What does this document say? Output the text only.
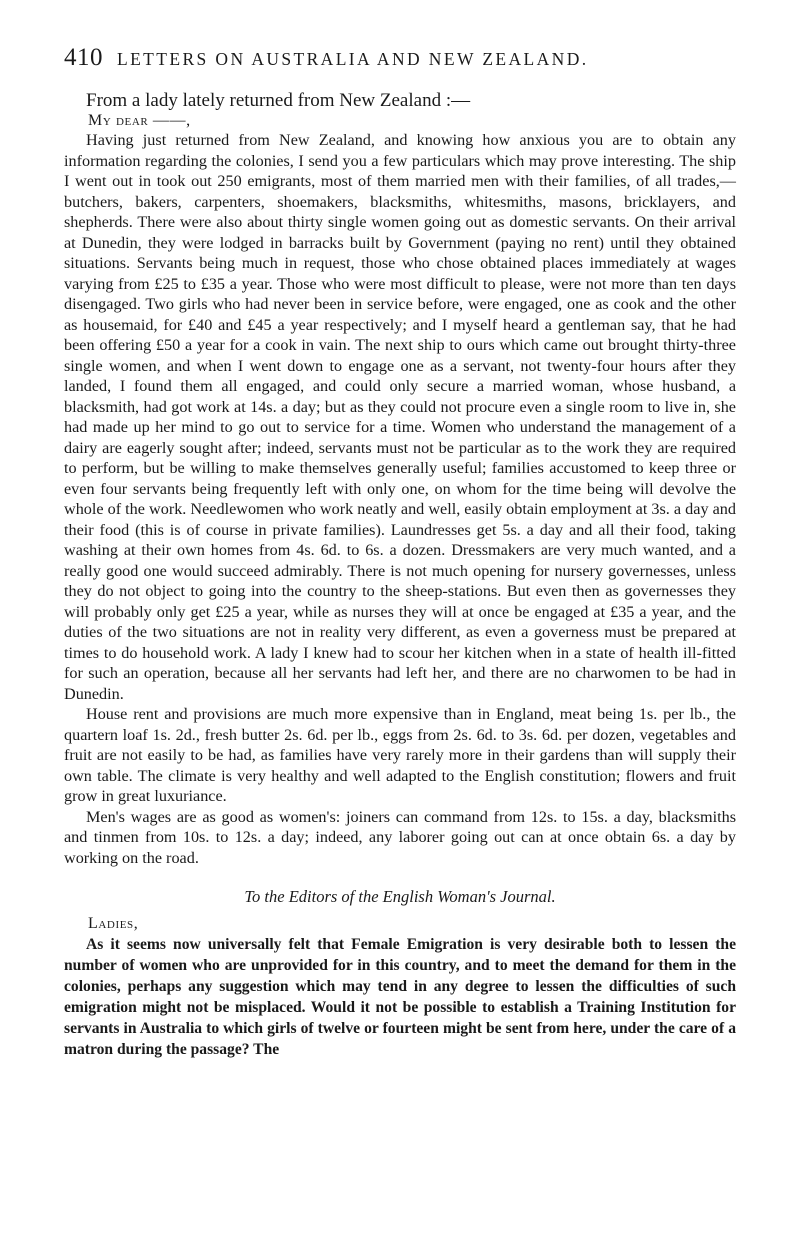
410 LETTERS ON AUSTRALIA AND NEW ZEALAND.
From a lady lately returned from New Zealand :—
My dear ——,

Having just returned from New Zealand, and knowing how anxious you are to obtain any information regarding the colonies, I send you a few particulars which may prove interesting. The ship I went out in took out 250 emigrants, most of them married men with their families, of all trades,—butchers, bakers, carpenters, shoemakers, blacksmiths, whitesmiths, masons, bricklayers, and shepherds. There were also about thirty single women going out as domestic servants. On their arrival at Dunedin, they were lodged in barracks built by Government (paying no rent) until they obtained situations. Servants being much in request, those who chose obtained places immediately at wages varying from £25 to £35 a year. Those who were most difficult to please, were not more than ten days disengaged. Two girls who had never been in service before, were engaged, one as cook and the other as housemaid, for £40 and £45 a year respectively; and I myself heard a gentleman say, that he had been offering £50 a year for a cook in vain. The next ship to ours which came out brought thirty-three single women, and when I went down to engage one as a servant, not twenty-four hours after they landed, I found them all engaged, and could only secure a married woman, whose husband, a blacksmith, had got work at 14s. a day; but as they could not procure even a single room to live in, she had made up her mind to go out to service for a time. Women who understand the management of a dairy are eagerly sought after; indeed, servants must not be particular as to the work they are required to perform, but be willing to make themselves generally useful; families accustomed to keep three or even four servants being frequently left with only one, on whom for the time being will devolve the whole of the work. Needlewomen who work neatly and well, easily obtain employment at 3s. a day and their food (this is of course in private families). Laundresses get 5s. a day and all their food, taking washing at their own homes from 4s. 6d. to 6s. a dozen. Dressmakers are very much wanted, and a really good one would succeed admirably. There is not much opening for nursery governesses, unless they do not object to going into the country to the sheep-stations. But even then as governesses they will probably only get £25 a year, while as nurses they will at once be engaged at £35 a year, and the duties of the two situations are not in reality very different, as even a governess must be prepared at times to do household work. A lady I knew had to scour her kitchen when in a state of health ill-fitted for such an operation, because all her servants had left her, and there are no charwomen to be had in Dunedin.

House rent and provisions are much more expensive than in England, meat being 1s. per lb., the quartern loaf 1s. 2d., fresh butter 2s. 6d. per lb., eggs from 2s. 6d. to 3s. 6d. per dozen, vegetables and fruit are not easily to be had, as families have very rarely more in their gardens than will supply their own table. The climate is very healthy and well adapted to the English constitution; flowers and fruit grow in great luxuriance.

Men's wages are as good as women's: joiners can command from 12s. to 15s. a day, blacksmiths and tinmen from 10s. to 12s. a day; indeed, any laborer going out can at once obtain 6s. a day by working on the road.

To the Editors of the English Woman's Journal.
Ladies,

As it seems now universally felt that Female Emigration is very desirable both to lessen the number of women who are unprovided for in this country, and to meet the demand for them in the colonies, perhaps any suggestion which may tend in any degree to lessen the difficulties of such emigration might not be misplaced. Would it not be possible to establish a Training Institution for servants in Australia to which girls of twelve or fourteen might be sent from here, under the care of a matron during the passage? The
